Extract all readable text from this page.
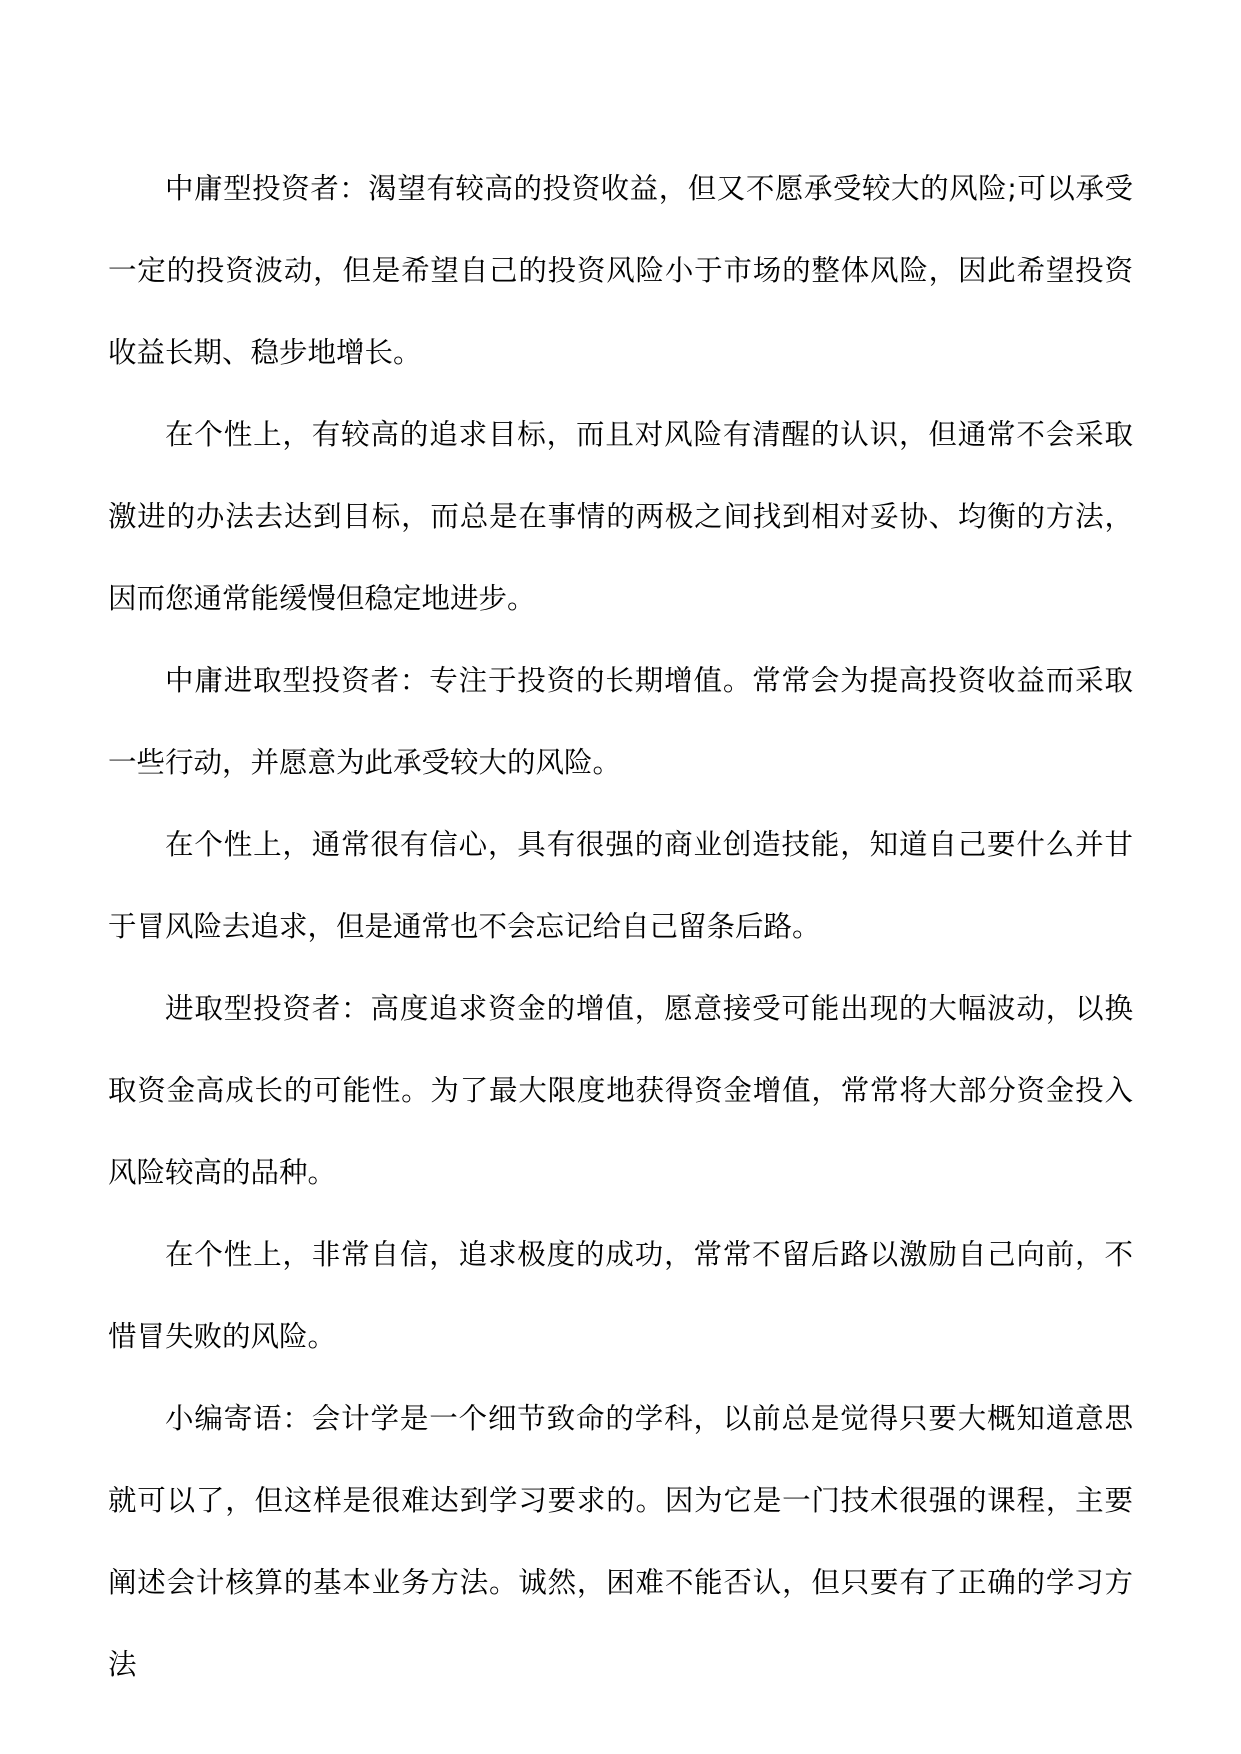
中庸型投资者：渴望有较高的投资收益，但又不愿承受较大的风险;可以承受一定的投资波动，但是希望自己的投资风险小于市场的整体风险，因此希望投资收益长期、稳步地增长。

在个性上，有较高的追求目标，而且对风险有清醒的认识，但通常不会采取激进的办法去达到目标，而总是在事情的两极之间找到相对妥协、均衡的方法，因而您通常能缓慢但稳定地进步。

中庸进取型投资者：专注于投资的长期增值。常常会为提高投资收益而采取一些行动，并愿意为此承受较大的风险。

在个性上，通常很有信心，具有很强的商业创造技能，知道自己要什么并甘于冒风险去追求，但是通常也不会忘记给自己留条后路。

进取型投资者：高度追求资金的增值，愿意接受可能出现的大幅波动，以换取资金高成长的可能性。为了最大限度地获得资金增值，常常将大部分资金投入风险较高的品种。

在个性上，非常自信，追求极度的成功，常常不留后路以激励自己向前，不惜冒失败的风险。

小编寄语：会计学是一个细节致命的学科，以前总是觉得只要大概知道意思就可以了，但这样是很难达到学习要求的。因为它是一门技术很强的课程，主要阐述会计核算的基本业务方法。诚然，困难不能否认，但只要有了正确的学习方法
